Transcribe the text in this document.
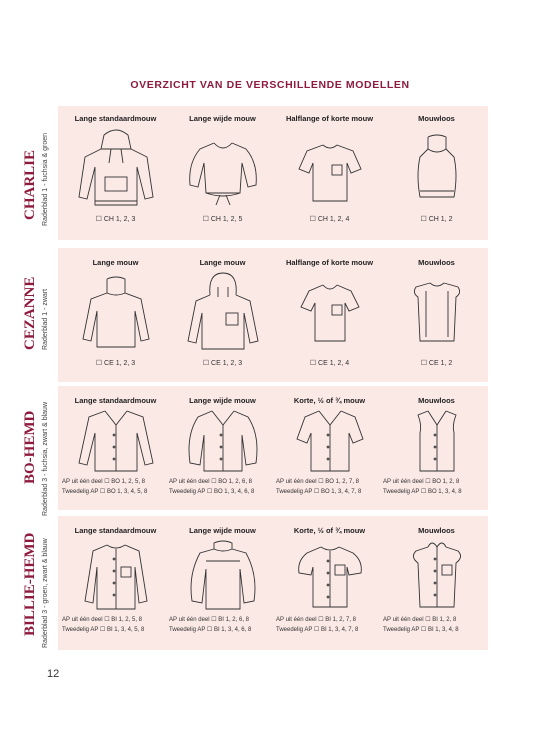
OVERZICHT VAN DE VERSCHILLENDE MODELLEN
CHARLIE Raderblad 1 - fuchsia & groen
Lange standaardmouw
☐ CH 1, 2, 3
Lange wijde mouw
☐ CH 1, 2, 5
Halflange of korte mouw
☐ CH 1, 2, 4
Mouwloos
☐ CH 1, 2
CEZANNE Raderblad 1 - zwart
Lange mouw
☐ CE 1, 2, 3
Lange mouw
☐ CE 1, 2, 3
Halflange of korte mouw
☐ CE 1, 2, 4
Mouwloos
☐ CE 1, 2
BO-HEMD Raderblad 3 - fuchsia, zwart & blauw
Lange standaardmouw
AP uit één deel ☐ BO 1, 2, 5, 8
Tweedelig AP ☐ BO 1, 3, 4, 5, 8
Lange wijde mouw
AP uit één deel ☐ BO 1, 2, 6, 8
Tweedelig AP ☐ BO 1, 3, 4, 6, 8
Korte, ½ of ¾ mouw
AP uit één deel ☐ BO 1, 2, 7, 8
Tweedelig AP ☐ BO 1, 3, 4, 7, 8
Mouwloos
AP uit één deel ☐ BO 1, 2, 8
Tweedelig AP ☐ BO 1, 3, 4, 8
BILLIE-HEMD Raderblad 3 - groen, zwart & blauw
Lange standaardmouw
AP uit één deel ☐ BI 1, 2, 5, 8
Tweedelig AP ☐ BI 1, 3, 4, 5, 8
Lange wijde mouw
AP uit één deel ☐ BI 1, 2, 6, 8
Tweedelig AP ☐ BI 1, 3, 4, 6, 8
Korte, ½ of ¾ mouw
AP uit één deel ☐ BI 1, 2, 7, 8
Tweedelig AP ☐ BI 1, 3, 4, 7, 8
Mouwloos
AP uit één deel ☐ BI 1, 2, 8
Tweedelig AP ☐ BI 1, 3, 4, 8
12
